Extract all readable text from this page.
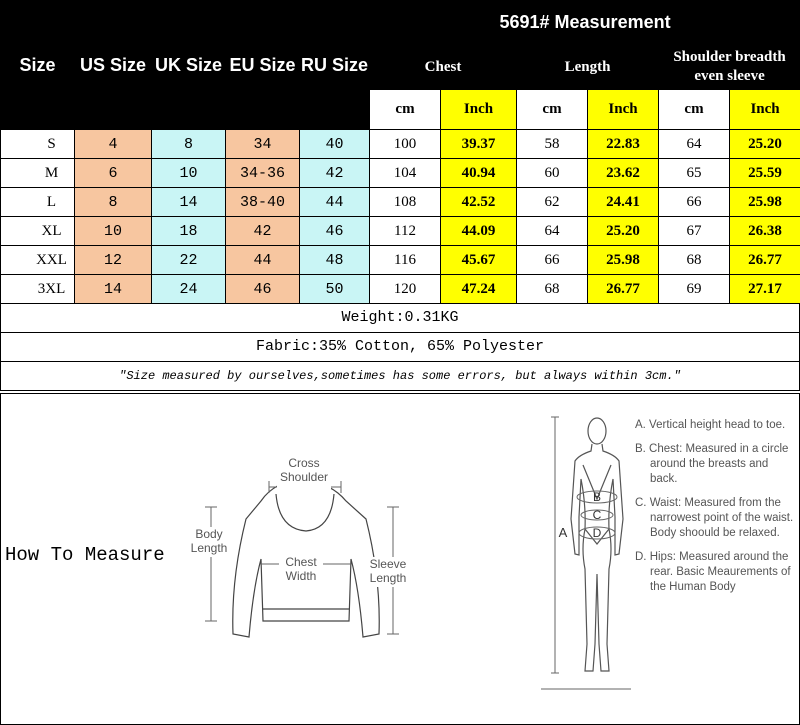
Size	US Size	UK Size	EU Size	RU Size	5691# Measurement					
					Chest		Length		Shoulder breadth even sleeve	
					cm	Inch	cm	Inch	cm	Inch
S	4	8	34	40	100	39.37	58	22.83	64	25.20
M	6	10	34-36	42	104	40.94	60	23.62	65	25.59
L	8	14	38-40	44	108	42.52	62	24.41	66	25.98
XL	10	18	42	46	112	44.09	64	25.20	67	26.38
XXL	12	22	44	48	116	45.67	66	25.98	68	26.77
3XL	14	24	46	50	120	47.24	68	26.77	69	27.17
Weight:0.31KG
Fabric:35% Cotton, 65% Polyester
"Size measured by ourselves,sometimes has some errors, but always within 3cm."
How To Measure
Cross
Shoulder
Body
Length
Chest
Width
Sleeve
Length
A
B
C
D
A. Vertical height head to toe.
B. Chest: Measured in a circle around the breasts and back.
C. Waist: Measured from the narrowest point of the waist. Body shoould be relaxed.
D. Hips: Measured around the rear. Basic Meaurements of the Human Body
